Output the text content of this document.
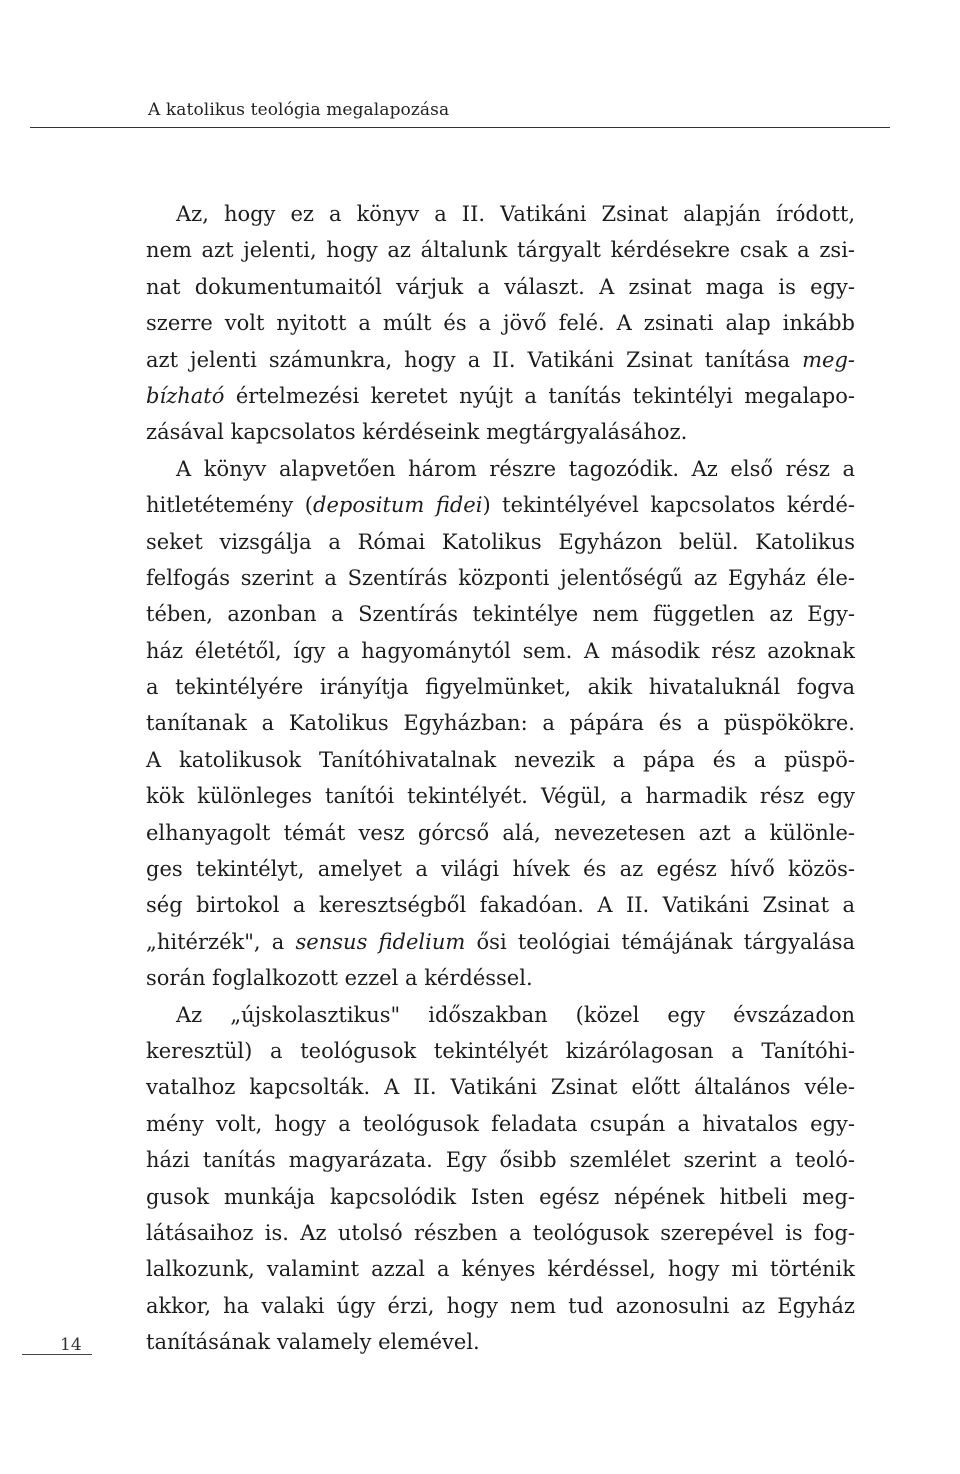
A katolikus teológia megalapozása
Az, hogy ez a könyv a II. Vatikáni Zsinat alapján íródott,
nem azt jelenti, hogy az általunk tárgyalt kérdésekre csak a zsi-
nat dokumentumaitól várjuk a választ. A zsinat maga is egy-
szerre volt nyitott a múlt és a jövő felé. A zsinati alap inkább
azt jelenti számunkra, hogy a II. Vatikáni Zsinat tanítása meg-
bízható értelmezési keretet nyújt a tanítás tekintélyi megalapo-
zásával kapcsolatos kérdéseink megtárgyalásához.
A könyv alapvetően három részre tagozódik. Az első rész a
hitletétemény (depositum fidei) tekintélyével kapcsolatos kérdé-
seket vizsgálja a Római Katolikus Egyházon belül. Katolikus
felfogás szerint a Szentírás központi jelentőségű az Egyház éle-
tében, azonban a Szentírás tekintélye nem független az Egy-
ház életétől, így a hagyománytól sem. A második rész azoknak
a tekintélyére irányítja figyelmünket, akik hivataluknál fogva
tanítanak a Katolikus Egyházban: a pápára és a püspökökre.
A katolikusok Tanítóhivatalnak nevezik a pápa és a püspö-
kök különleges tanítói tekintélyét. Végül, a harmadik rész egy
elhanyagolt témát vesz górcső alá, nevezetesen azt a különle-
ges tekintélyt, amelyet a világi hívek és az egész hívő közös-
ség birtokol a keresztségből fakadóan. A II. Vatikáni Zsinat a
„hitérzék", a sensus fidelium ősi teológiai témájának tárgyalása
során foglalkozott ezzel a kérdéssel.
Az „újskolasztikus" időszakban (közel egy évszázadon
keresztül) a teológusok tekintélyét kizárólagosan a Tanítóhi-
vatalhoz kapcsolták. A II. Vatikáni Zsinat előtt általános véle-
mény volt, hogy a teológusok feladata csupán a hivatalos egy-
házi tanítás magyarázata. Egy ősibb szemlélet szerint a teoló-
gusok munkája kapcsolódik Isten egész népének hitbeli meg-
látásaihoz is. Az utolsó részben a teológusok szerepével is fog-
lalkozunk, valamint azzal a kényes kérdéssel, hogy mi történik
akkor, ha valaki úgy érzi, hogy nem tud azonosulni az Egyház
tanításának valamely elemével.
14
